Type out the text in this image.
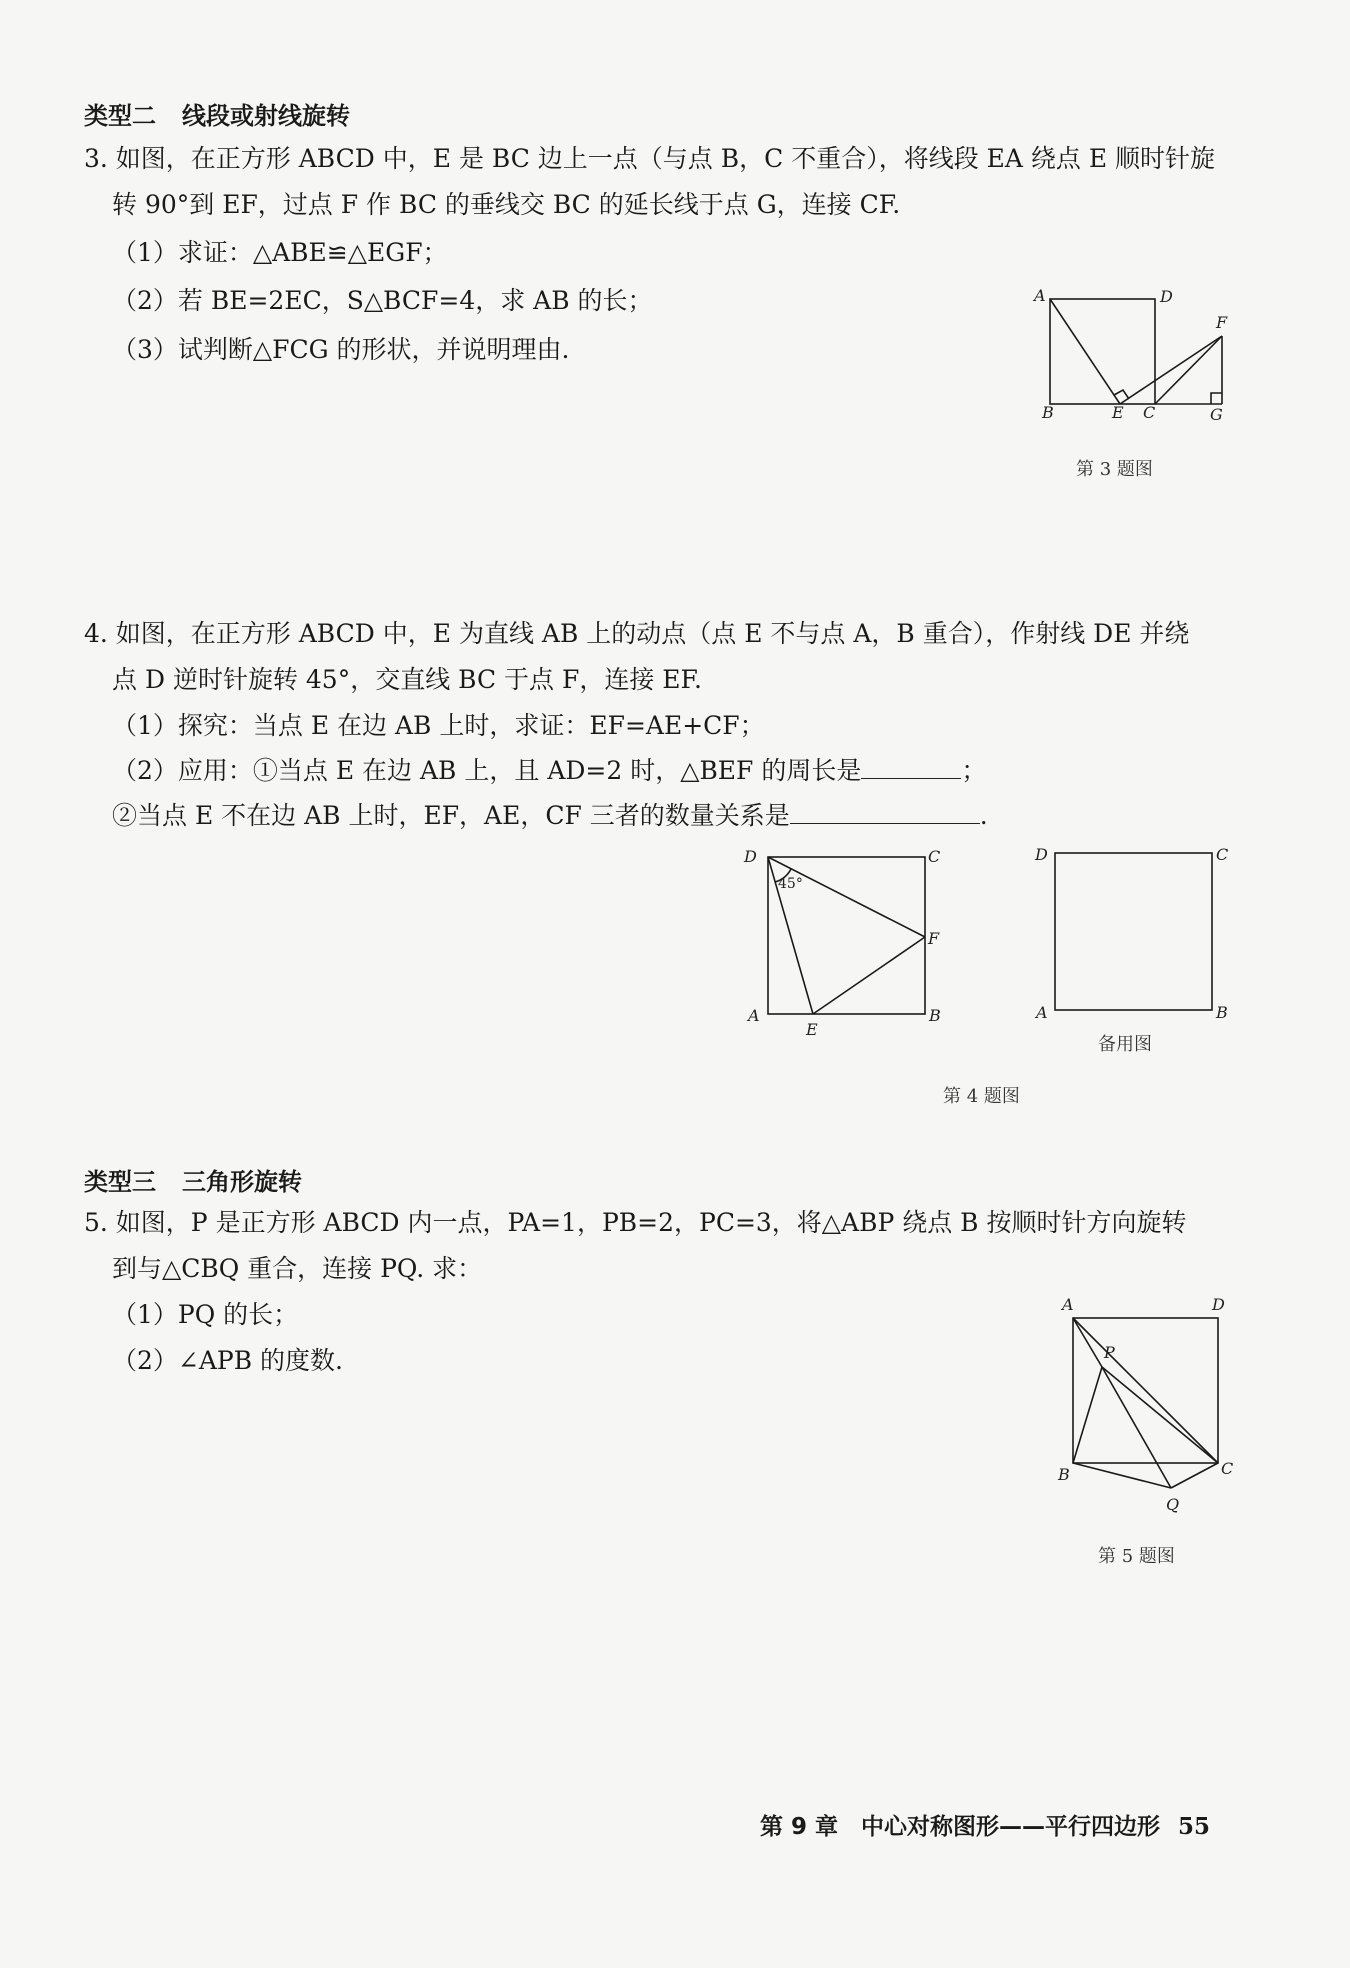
类型二 线段或射线旋转
3. 如图，在正方形 ABCD 中，E 是 BC 边上一点（与点 B，C 不重合），将线段 EA 绕点 E 顺时针旋
转 90°到 EF，过点 F 作 BC 的垂线交 BC 的延长线于点 G，连接 CF.
（1）求证：△ABE≌△EGF；
（2）若 BE=2EC，S△BCF=4，求 AB 的长；
（3）试判断△FCG 的形状，并说明理由.
A	D
F
B	E C	G
第 3 题图
4. 如图，在正方形 ABCD 中，E 为直线 AB 上的动点（点 E 不与点 A，B 重合），作射线 DE 并绕
点 D 逆时针旋转 45°，交直线 BC 于点 F，连接 EF.
（1）探究：当点 E 在边 AB 上时，求证：EF=AE+CF；
（2）应用：①当点 E 在边 AB 上，且 AD=2 时，△BEF 的周长是	；
②当点 E 不在边 AB 上时，EF，AE，CF 三者的数量关系是	.
45°
D	C
F
A
E
B
D	C
A	B
备用图
第 4 题图
类型三 三角形旋转
5. 如图，P 是正方形 ABCD 内一点，PA=1，PB=2，PC=3，将△ABP 绕点 B 按顺时针方向旋转
到与△CBQ 重合，连接 PQ. 求：
（1）PQ 的长；
（2）∠APB 的度数.
A	D
P
B	C
Q
第 5 题图
第 9 章　中心对称图形——平行四边形 55
